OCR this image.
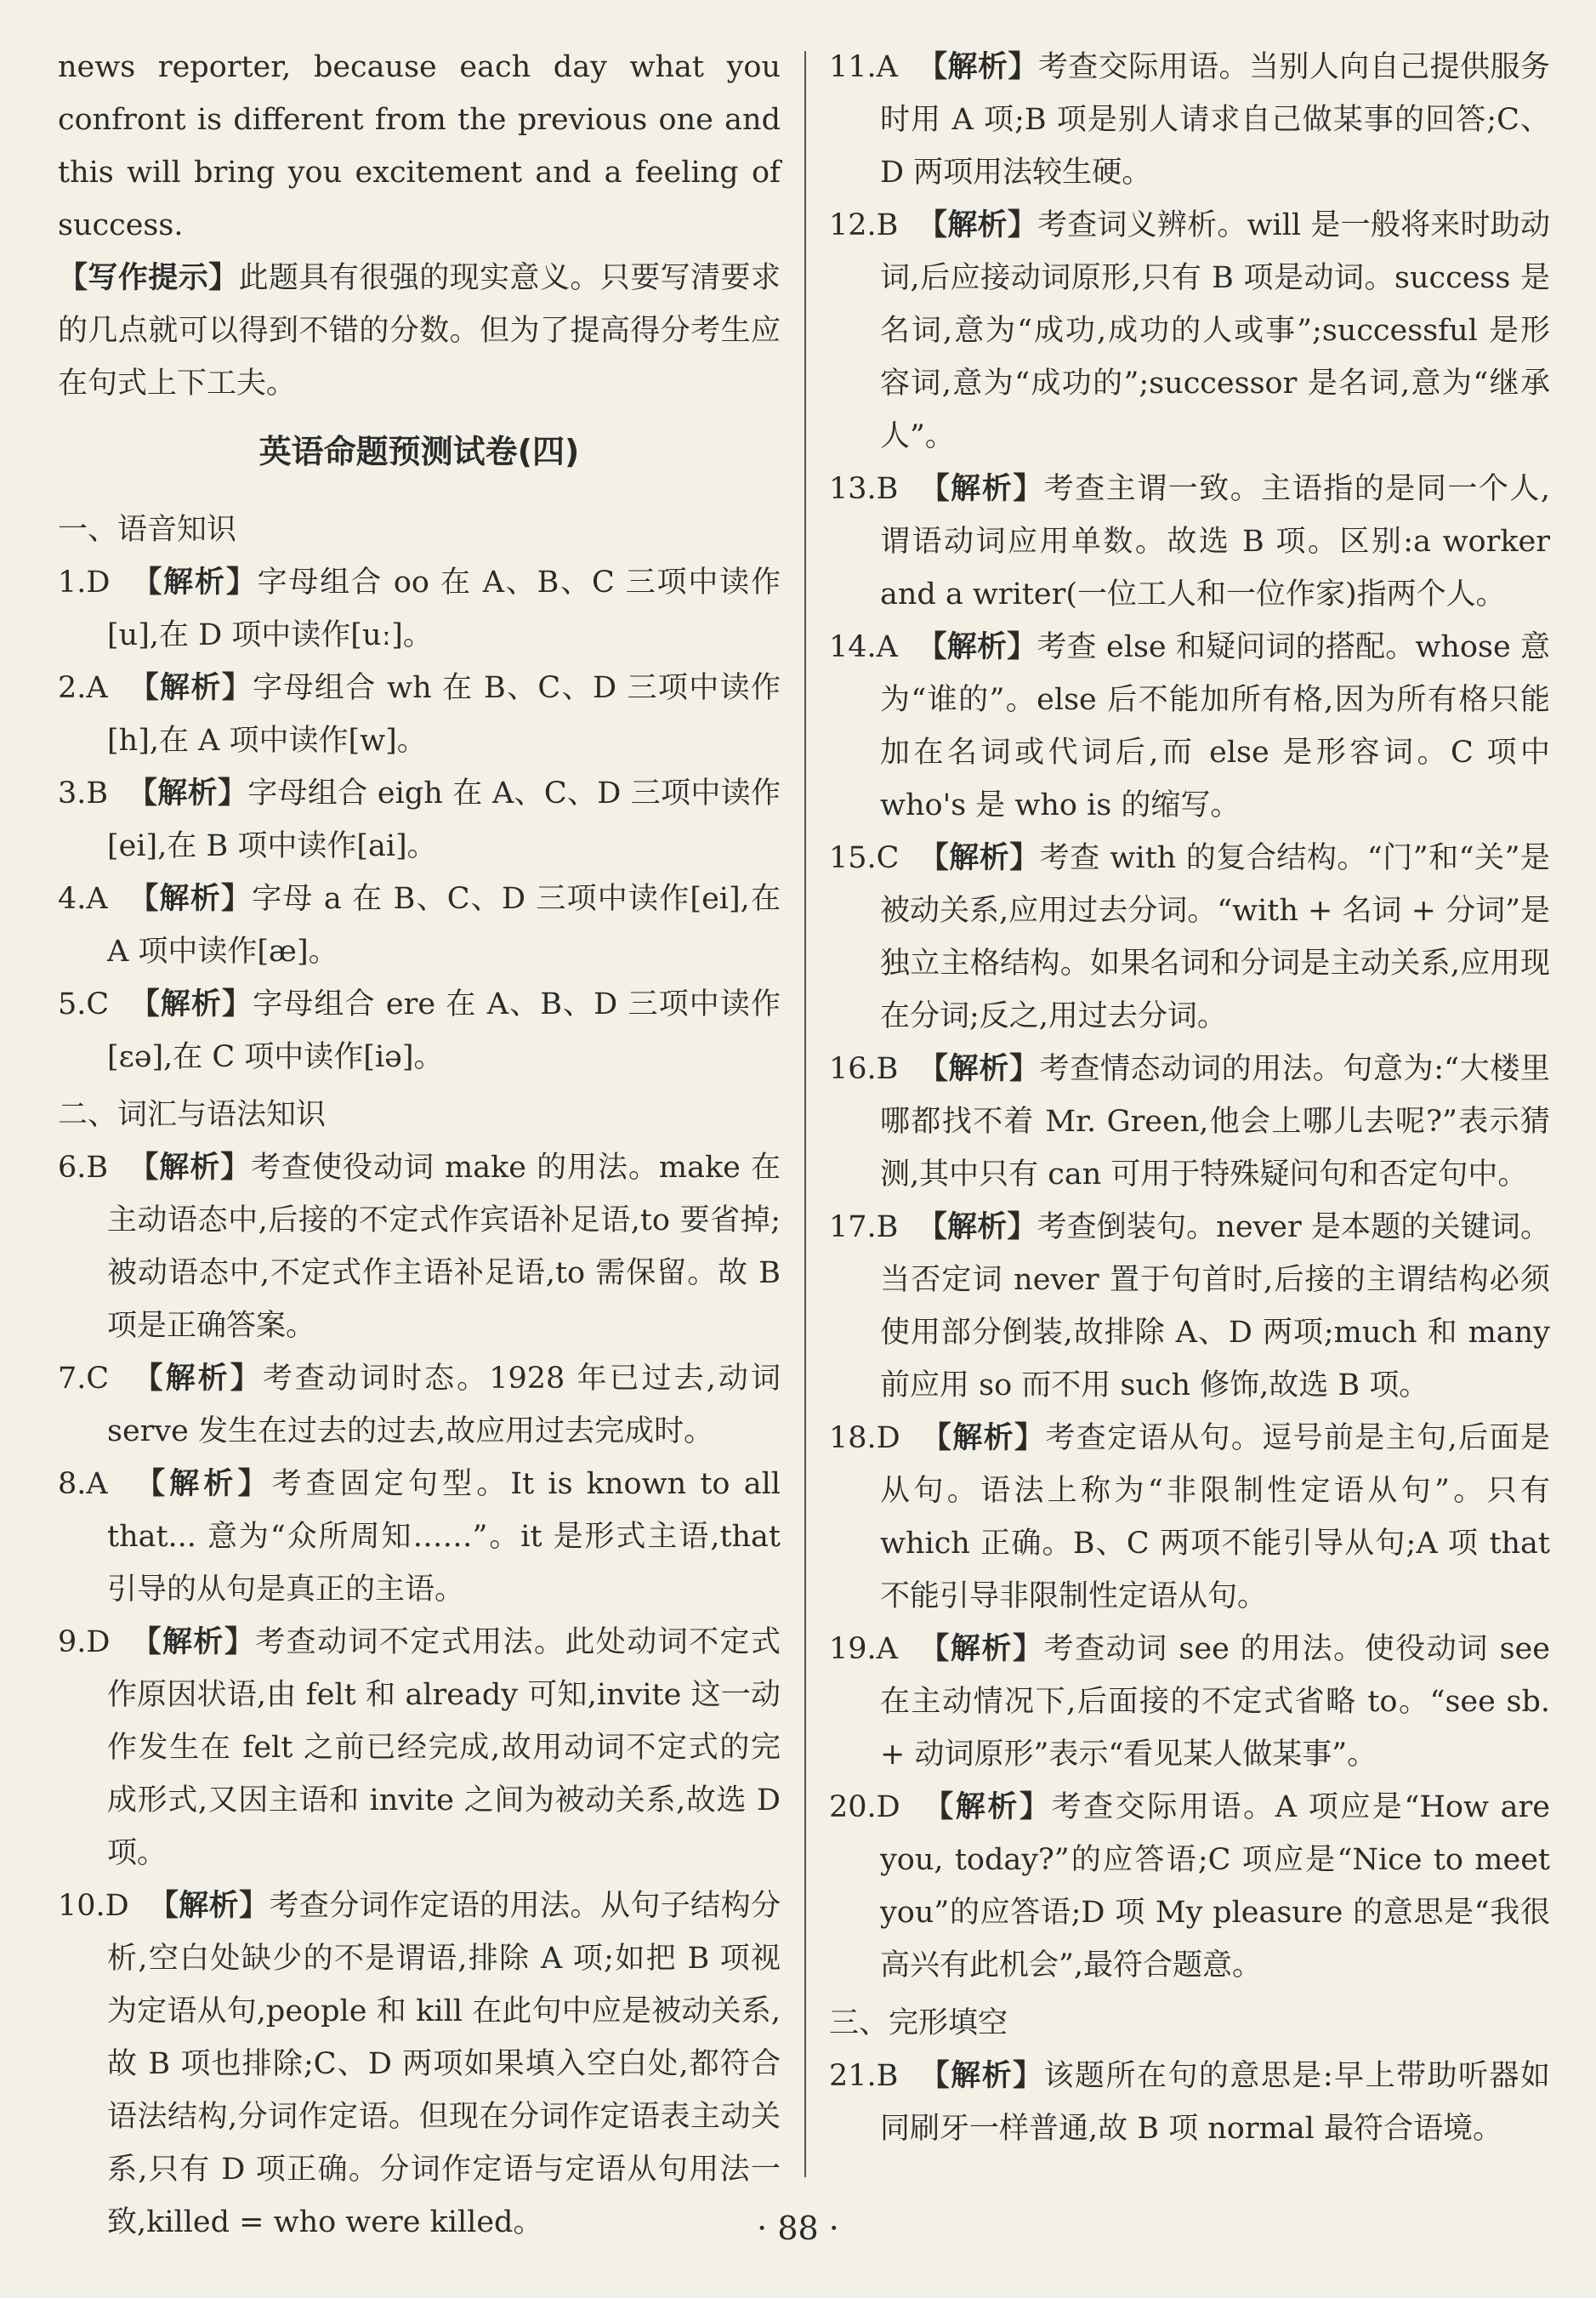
news reporter, because each day what you confront is different from the previous one and this will bring you excitement and a feeling of success.

【写作提示】此题具有很强的现实意义。只要写清要求的几点就可以得到不错的分数。但为了提高得分考生应在句式上下工夫。

英语命题预测试卷(四)
一、语音知识

1.D 【解析】字母组合 oo 在 A、B、C 三项中读作[u],在 D 项中读作[uː]。

2.A 【解析】字母组合 wh 在 B、C、D 三项中读作[h],在 A 项中读作[w]。

3.B 【解析】字母组合 eigh 在 A、C、D 三项中读作[ei],在 B 项中读作[ai]。

4.A 【解析】字母 a 在 B、C、D 三项中读作[ei],在 A 项中读作[æ]。

5.C 【解析】字母组合 ere 在 A、B、D 三项中读作[ɛə],在 C 项中读作[iə]。

二、词汇与语法知识

6.B 【解析】考查使役动词 make 的用法。make 在主动语态中,后接的不定式作宾语补足语,to 要省掉;被动语态中,不定式作主语补足语,to 需保留。故 B 项是正确答案。

7.C 【解析】考查动词时态。1928 年已过去,动词 serve 发生在过去的过去,故应用过去完成时。

8.A 【解析】考查固定句型。It is known to all that... 意为“众所周知……”。it 是形式主语,that 引导的从句是真正的主语。

9.D 【解析】考查动词不定式用法。此处动词不定式作原因状语,由 felt 和 already 可知,invite 这一动作发生在 felt 之前已经完成,故用动词不定式的完成形式,又因主语和 invite 之间为被动关系,故选 D 项。

10.D 【解析】考查分词作定语的用法。从句子结构分析,空白处缺少的不是谓语,排除 A 项;如把 B 项视为定语从句,people 和 kill 在此句中应是被动关系,故 B 项也排除;C、D 两项如果填入空白处,都符合语法结构,分词作定语。但现在分词作定语表主动关系,只有 D 项正确。分词作定语与定语从句用法一致,killed = who were killed。

11.A 【解析】考查交际用语。当别人向自己提供服务时用 A 项;B 项是别人请求自己做某事的回答;C、D 两项用法较生硬。

12.B 【解析】考查词义辨析。will 是一般将来时助动词,后应接动词原形,只有 B 项是动词。success 是名词,意为“成功,成功的人或事”;successful 是形容词,意为“成功的”;successor 是名词,意为“继承人”。

13.B 【解析】考查主谓一致。主语指的是同一个人,谓语动词应用单数。故选 B 项。区别:a worker and a writer(一位工人和一位作家)指两个人。

14.A 【解析】考查 else 和疑问词的搭配。whose 意为“谁的”。else 后不能加所有格,因为所有格只能加在名词或代词后,而 else 是形容词。C 项中 who's 是 who is 的缩写。

15.C 【解析】考查 with 的复合结构。“门”和“关”是被动关系,应用过去分词。“with + 名词 + 分词”是独立主格结构。如果名词和分词是主动关系,应用现在分词;反之,用过去分词。

16.B 【解析】考查情态动词的用法。句意为:“大楼里哪都找不着 Mr. Green,他会上哪儿去呢?”表示猜测,其中只有 can 可用于特殊疑问句和否定句中。

17.B 【解析】考查倒装句。never 是本题的关键词。当否定词 never 置于句首时,后接的主谓结构必须使用部分倒装,故排除 A、D 两项;much 和 many 前应用 so 而不用 such 修饰,故选 B 项。

18.D 【解析】考查定语从句。逗号前是主句,后面是从句。语法上称为“非限制性定语从句”。只有 which 正确。B、C 两项不能引导从句;A 项 that 不能引导非限制性定语从句。

19.A 【解析】考查动词 see 的用法。使役动词 see 在主动情况下,后面接的不定式省略 to。“see sb. + 动词原形”表示“看见某人做某事”。

20.D 【解析】考查交际用语。A 项应是“How are you, today?”的应答语;C 项应是“Nice to meet you”的应答语;D 项 My pleasure 的意思是“我很高兴有此机会”,最符合题意。

三、完形填空

21.B 【解析】该题所在句的意思是:早上带助听器如同刷牙一样普通,故 B 项 normal 最符合语境。

· 88 ·
